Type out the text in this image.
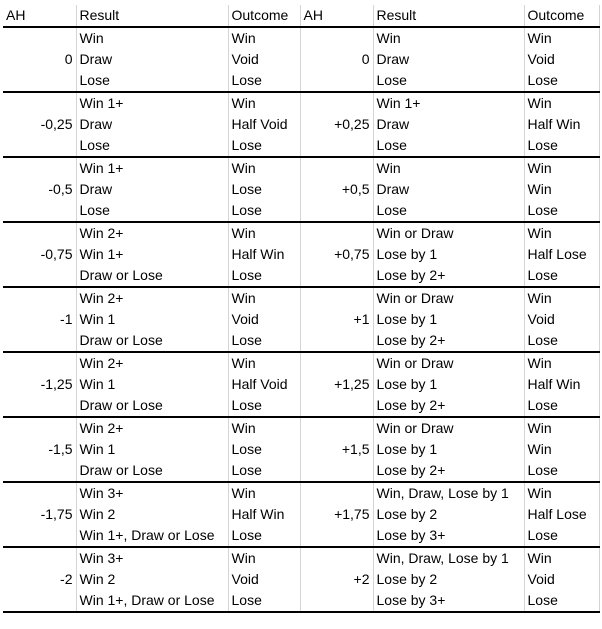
AH	Result	Outcome	AH	Result	Outcome
	Win	Win		Win	Win
0	Draw	Void	0	Draw	Void
	Lose	Lose		Lose	Lose
	Win 1+	Win		Win 1+	Win
-0,25	Draw	Half Void	+0,25	Draw	Half Win
	Lose	Lose		Lose	Lose
	Win 1+	Win		Win	Win
-0,5	Draw	Lose	+0,5	Draw	Win
	Lose	Lose		Lose	Lose
	Win 2+	Win		Win or Draw	Win
-0,75	Win 1+	Half Win	+0,75	Lose by 1	Half Lose
	Draw or Lose	Lose		Lose by 2+	Lose
	Win 2+	Win		Win or Draw	Win
-1	Win 1	Void	+1	Lose by 1	Void
	Draw or Lose	Lose		Lose by 2+	Lose
	Win 2+	Win		Win or Draw	Win
-1,25	Win 1	Half Void	+1,25	Lose by 1	Half Win
	Draw or Lose	Lose		Lose by 2+	Lose
	Win 2+	Win		Win or Draw	Win
-1,5	Win 1	Lose	+1,5	Lose by 1	Win
	Draw or Lose	Lose		Lose by 2+	Lose
	Win 3+	Win		Win, Draw, Lose by 1	Win
-1,75	Win 2	Half Win	+1,75	Lose by 2	Half Lose
	Win 1+, Draw or Lose	Lose		Lose by 3+	Lose
	Win 3+	Win		Win, Draw, Lose by 1	Win
-2	Win 2	Void	+2	Lose by 2	Void
	Win 1+, Draw or Lose	Lose		Lose by 3+	Lose
